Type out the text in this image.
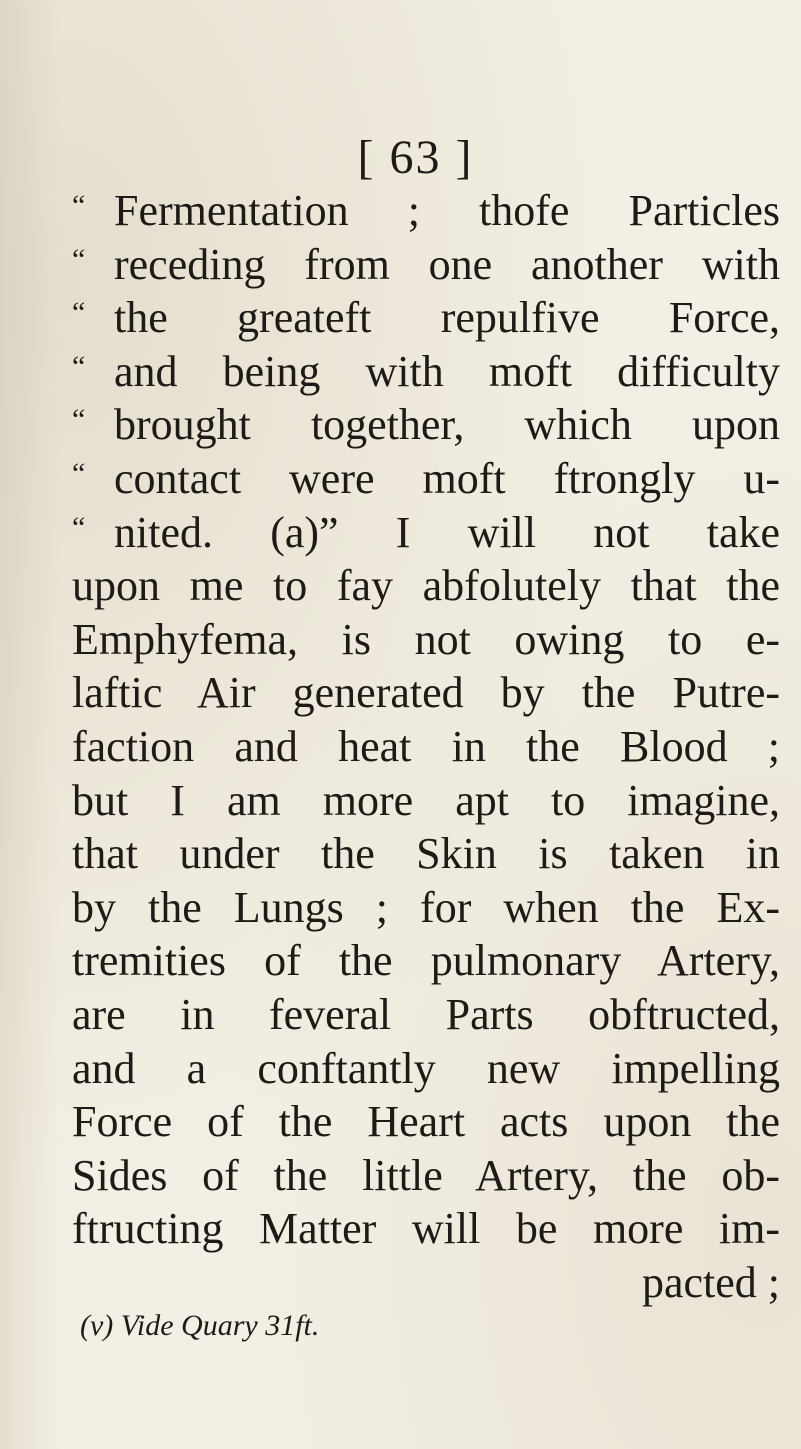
[ 63 ]
“ Fermentation ; thofe Particles
“ receding from one another with
“ the greateft repulfive Force,
“ and being with moft difficulty
“ brought together, which upon
“ contact were moft ftrongly u-
“ nited. (a)” I will not take
upon me to fay abfolutely that the
Emphyfema, is not owing to e-
laftic Air generated by the Putre-
faction and heat in the Blood ;
but I am more apt to imagine,
that under the Skin is taken in
by the Lungs ; for when the Ex-
tremities of the pulmonary Artery,
are in feveral Parts obftructed,
and a conftantly new impelling
Force of the Heart acts upon the
Sides of the little Artery, the ob-
ftructing Matter will be more im-
pacted ;
(v) Vide Quary 31ft.
